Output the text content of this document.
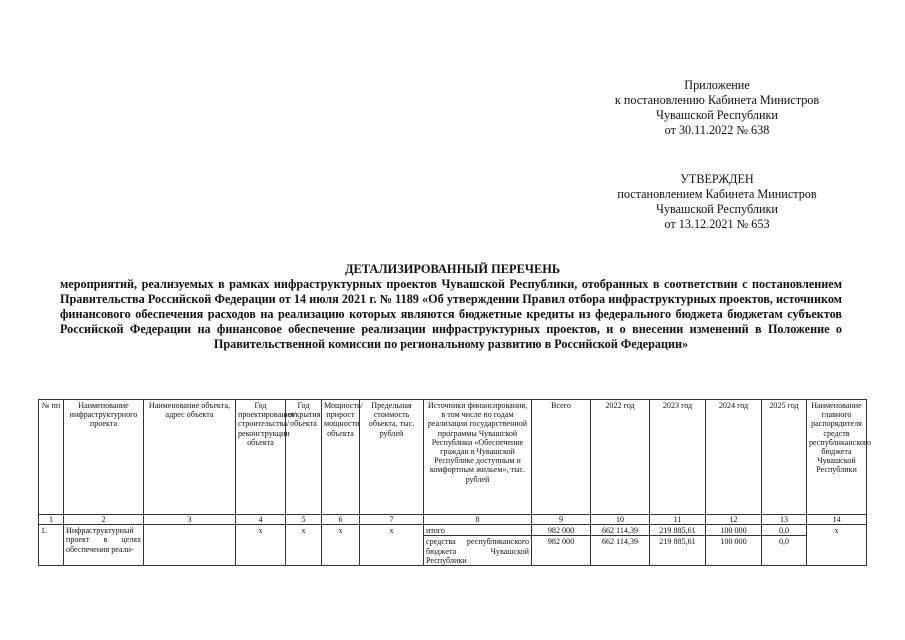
Приложение
к постановлению Кабинета Министров
Чувашской Республики
от 30.11.2022 № 638
УТВЕРЖДЕН
постановлением Кабинета Министров
Чувашской Республики
от 13.12.2021 № 653
ДЕТАЛИЗИРОВАННЫЙ ПЕРЕЧЕНЬ
мероприятий, реализуемых в рамках инфраструктурных проектов Чувашской Республики, отобранных в соответствии с постановлением Правительства Российской Федерации от 14 июля 2021 г. № 1189 «Об утверждении Правил отбора инфраструктурных проектов, источником финансового обеспечения расходов на реализацию которых являются бюджетные кредиты из федерального бюджета бюджетам субъектов Российской Федерации на финансовое обеспечение реализации инфраструктурных проектов, и о внесении изменений в Положение о Правительственной комиссии по региональному развитию в Российской Федерации»
№ пп	Наименование инфраструктурного проекта	Наименование объекта, адрес объекта	Год проектирования/ строительства/реконструкции объекта	Год открытия объекта	Мощность/ прирост мощности объекта	Предельная стоимость объекта, тыс. рублей	Источники финансирования, в том числе по годам реализации государственной программы Чувашской Республики «Обеспечение граждан в Чувашской Республике доступным и комфортным жильем», тыс. рублей	Всего	2022 год	2023 год	2024 год	2025 год	Наименование главного распорядителя средств республиканского бюджета Чувашской Республики
1	2	3	4	5	6	7	8	9	10	11	12	13	14
1.	Инфраструктурный проект в целях обеспечения реали-		х	х	х	х	итого	982 000	662 114,39	219 885,61	100 000	0,0	х
							средства республиканского бюджета Чувашской Республики	982 000	662 114,39	219 885,61	100 000	0,0	
